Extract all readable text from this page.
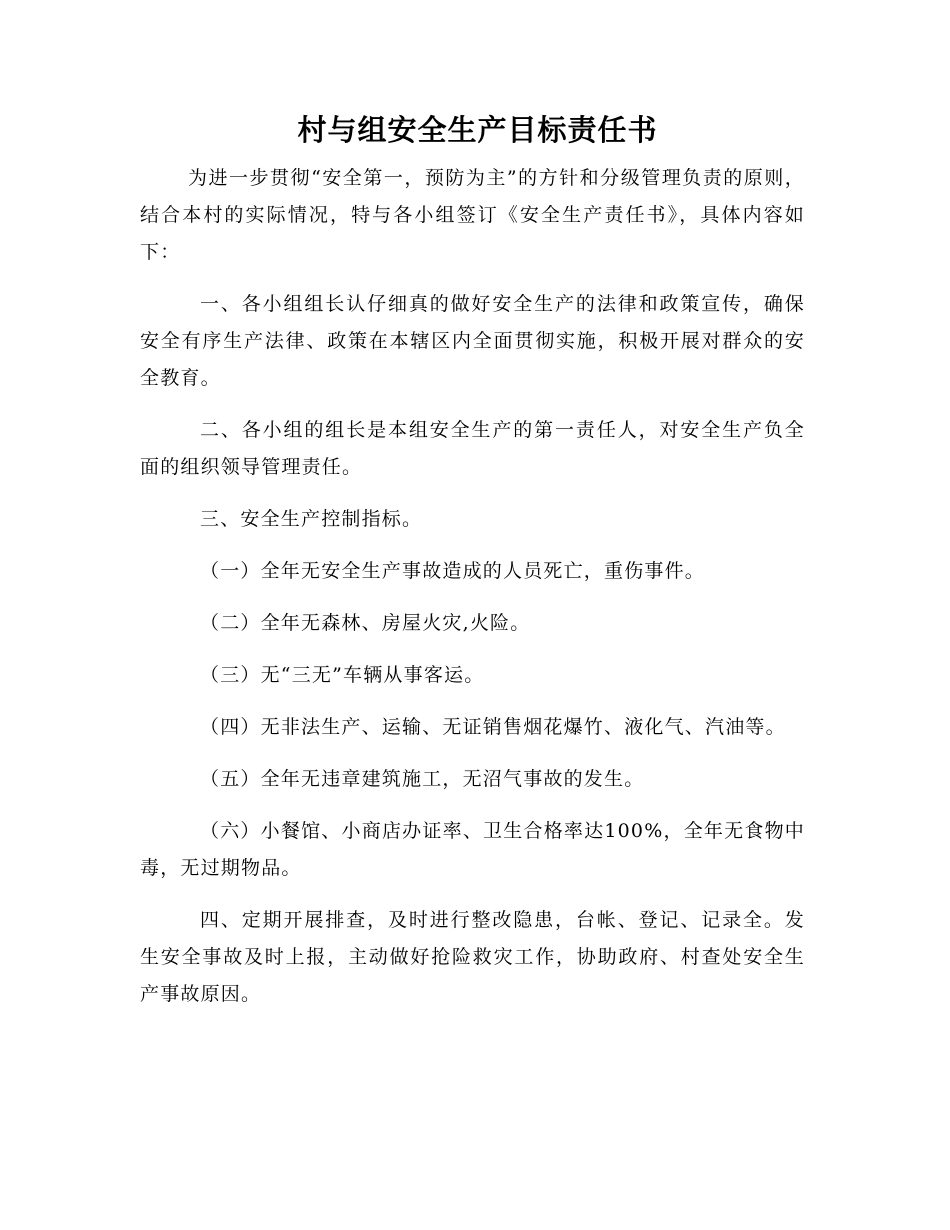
村与组安全生产目标责任书

为进一步贯彻“安全第一，预防为主”的方针和分级管理负责的原则，结合本村的实际情况，特与各小组签订《安全生产责任书》，具体内容如下：

一、各小组组长认仔细真的做好安全生产的法律和政策宣传，确保安全有序生产法律、政策在本辖区内全面贯彻实施，积极开展对群众的安全教育。

二、各小组的组长是本组安全生产的第一责任人，对安全生产负全面的组织领导管理责任。

三、安全生产控制指标。

（一）全年无安全生产事故造成的人员死亡，重伤事件。

（二）全年无森林、房屋火灾,火险。

（三）无“三无”车辆从事客运。

（四）无非法生产、运输、无证销售烟花爆竹、液化气、汽油等。

（五）全年无违章建筑施工，无沼气事故的发生。

（六）小餐馆、小商店办证率、卫生合格率达100%，全年无食物中毒，无过期物品。

四、定期开展排查，及时进行整改隐患，台帐、登记、记录全。发生安全事故及时上报，主动做好抢险救灾工作，协助政府、村查处安全生产事故原因。
